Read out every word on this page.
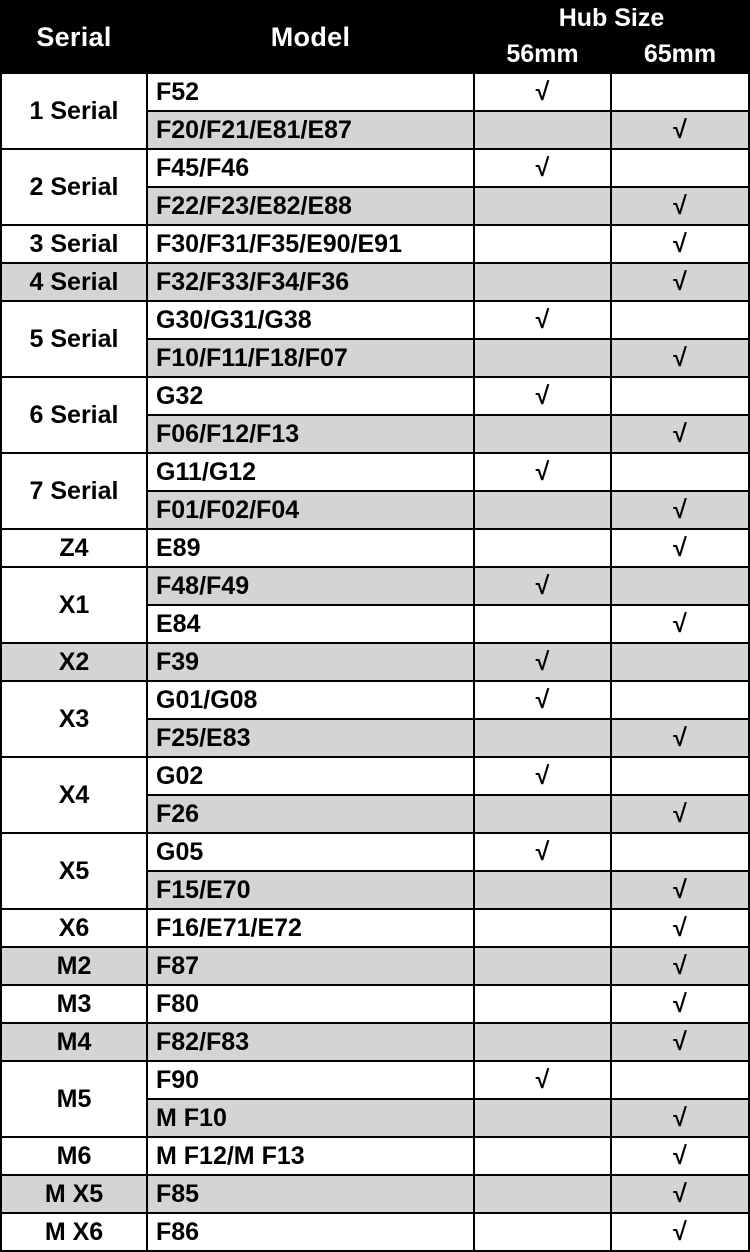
Serial	Model	Hub Size	
		56mm	65mm
1 Serial	F52	√	
	F20/F21/E81/E87		√
2 Serial	F45/F46	√	
	F22/F23/E82/E88		√
3 Serial	F30/F31/F35/E90/E91		√
4 Serial	F32/F33/F34/F36		√
5 Serial	G30/G31/G38	√	
	F10/F11/F18/F07		√
6 Serial	G32	√	
	F06/F12/F13		√
7 Serial	G11/G12	√	
	F01/F02/F04		√
Z4	E89		√
X1	F48/F49	√	
	E84		√
X2	F39	√	
X3	G01/G08	√	
	F25/E83		√
X4	G02	√	
	F26		√
X5	G05	√	
	F15/E70		√
X6	F16/E71/E72		√
M2	F87		√
M3	F80		√
M4	F82/F83		√
M5	F90	√	
	M F10		√
M6	M F12/M F13		√
M X5	F85		√
M X6	F86		√
